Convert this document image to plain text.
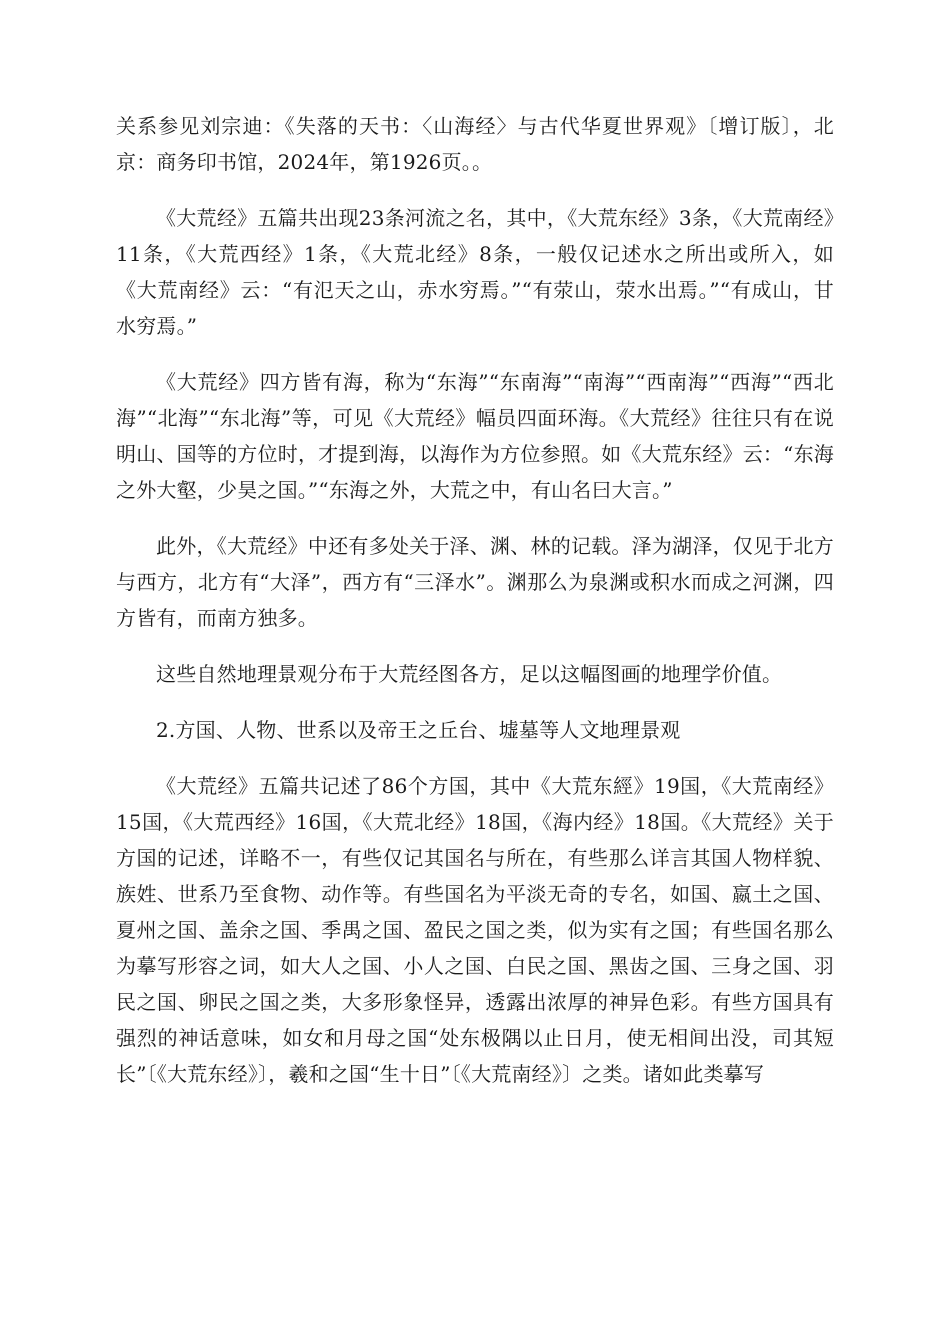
关系参见刘宗迪：《失落的天书：〈山海经〉与古代华夏世界观》〔增订版〕，北京：商务印书馆，2024年，第1926页。。

《大荒经》五篇共出现23条河流之名，其中，《大荒东经》3条，《大荒南经》11条，《大荒西经》1条，《大荒北经》8条，一般仅记述水之所出或所入，如《大荒南经》云：“有氾天之山，赤水穷焉。”“有荥山，荥水出焉。”“有成山，甘水穷焉。”

《大荒经》四方皆有海，称为“东海”“东南海”“南海”“西南海”“西海”“西北海”“北海”“东北海”等，可见《大荒经》幅员四面环海。《大荒经》往往只有在说明山、国等的方位时，才提到海，以海作为方位参照。如《大荒东经》云：“东海之外大壑，少昊之国。”“东海之外，大荒之中，有山名曰大言。”

此外，《大荒经》中还有多处关于泽、渊、林的记载。泽为湖泽，仅见于北方与西方，北方有“大泽”，西方有“三泽水”。渊那么为泉渊或积水而成之河渊，四方皆有，而南方独多。

这些自然地理景观分布于大荒经图各方，足以这幅图画的地理学价值。

2.方国、人物、世系以及帝王之丘台、墟墓等人文地理景观

《大荒经》五篇共记述了86个方国，其中《大荒东經》19国，《大荒南经》15国，《大荒西经》16国，《大荒北经》18国，《海内经》18国。《大荒经》关于方国的记述，详略不一，有些仅记其国名与所在，有些那么详言其国人物样貌、族姓、世系乃至食物、动作等。有些国名为平淡无奇的专名，如国、嬴土之国、夏州之国、盖余之国、季禺之国、盈民之国之类，似为实有之国；有些国名那么为摹写形容之词，如大人之国、小人之国、白民之国、黑齿之国、三身之国、羽民之国、卵民之国之类，大多形象怪异，透露出浓厚的神异色彩。有些方国具有强烈的神话意味，如女和月母之国“处东极隅以止日月，使无相间出没，司其短长”〔《大荒东经》〕，羲和之国“生十日”〔《大荒南经》〕之类。诸如此类摹写
